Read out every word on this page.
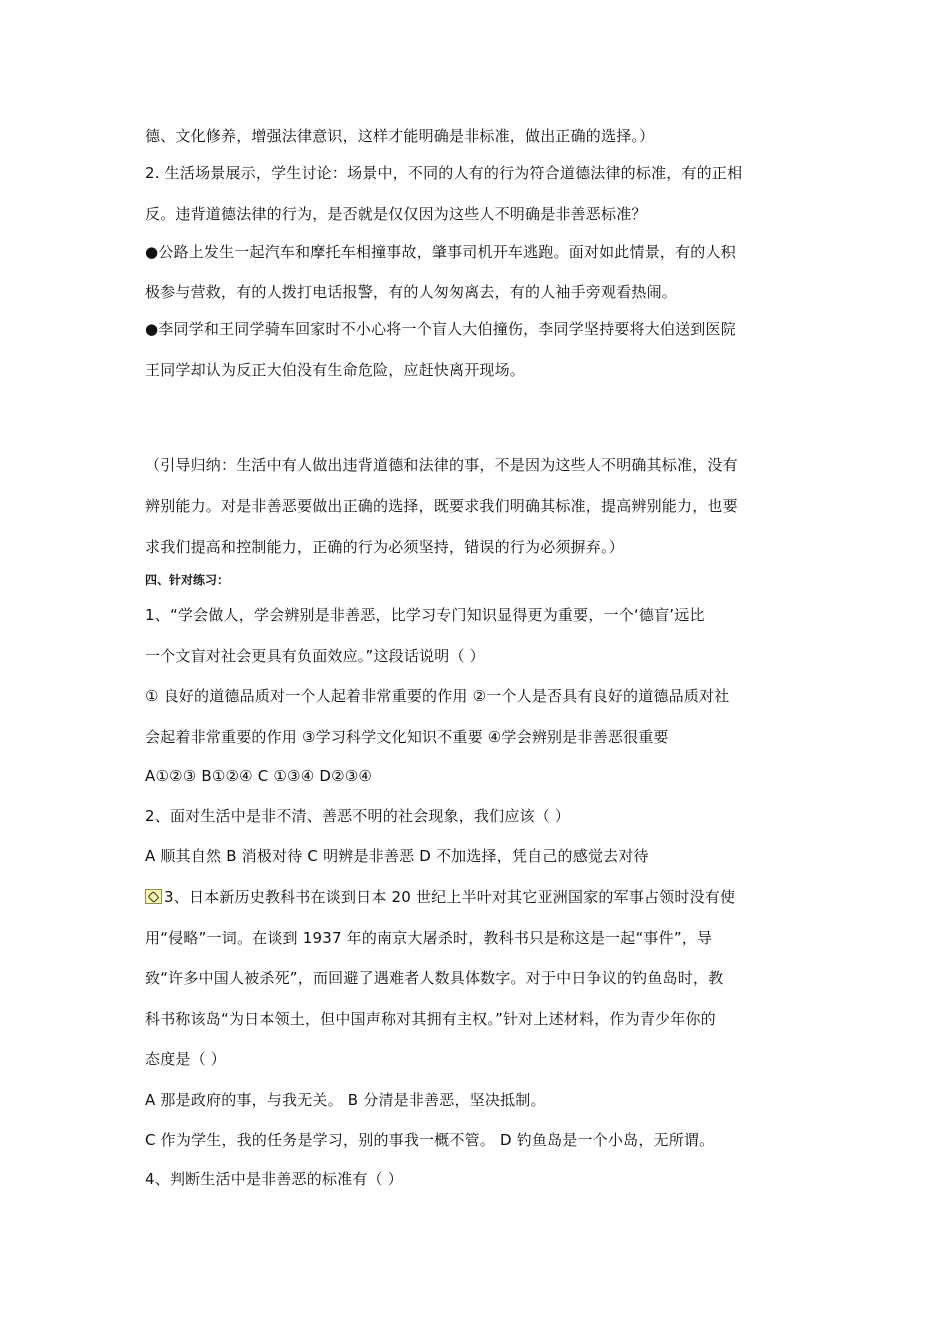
德、文化修养，增强法律意识，这样才能明确是非标准，做出正确的选择。）
2. 生活场景展示，学生讨论：场景中，不同的人有的行为符合道德法律的标准，有的正相
反。违背道德法律的行为，是否就是仅仅因为这些人不明确是非善恶标准？
●公路上发生一起汽车和摩托车相撞事故，肇事司机开车逃跑。面对如此情景，有的人积
极参与营救，有的人拨打电话报警，有的人匆匆离去，有的人袖手旁观看热闹。
●李同学和王同学骑车回家时不小心将一个盲人大伯撞伤，李同学坚持要将大伯送到医院
王同学却认为反正大伯没有生命危险，应赶快离开现场。
（引导归纳：生活中有人做出违背道德和法律的事，不是因为这些人不明确其标准，没有
辨别能力。对是非善恶要做出正确的选择，既要求我们明确其标准，提高辨别能力，也要
求我们提高和控制能力，正确的行为必须坚持，错误的行为必须摒弃。）
四、针对练习：
1、“学会做人，学会辨别是非善恶，比学习专门知识显得更为重要，一个‘德盲’远比
一个文盲对社会更具有负面效应。”这段话说明（ ）
① 良好的道德品质对一个人起着非常重要的作用 ②一个人是否具有良好的道德品质对社
会起着非常重要的作用 ③学习科学文化知识不重要 ④学会辨别是非善恶很重要
A①②③ B①②④ C ①③④ D②③④
2、面对生活中是非不清、善恶不明的社会现象，我们应该（ ）
A 顺其自然 B 消极对待 C 明辨是非善恶 D 不加选择，凭自己的感觉去对待
3、日本新历史教科书在谈到日本 20 世纪上半叶对其它亚洲国家的军事占领时没有使
用“侵略”一词。在谈到 1937 年的南京大屠杀时，教科书只是称这是一起“事件”，导
致“许多中国人被杀死”，而回避了遇难者人数具体数字。对于中日争议的钓鱼岛时，教
科书称该岛“为日本领土，但中国声称对其拥有主权。”针对上述材料，作为青少年你的
态度是（ ）
A 那是政府的事，与我无关。 B 分清是非善恶，坚决抵制。
C 作为学生，我的任务是学习，别的事我一概不管。 D 钓鱼岛是一个小岛，无所谓。
4、判断生活中是非善恶的标准有（ ）
